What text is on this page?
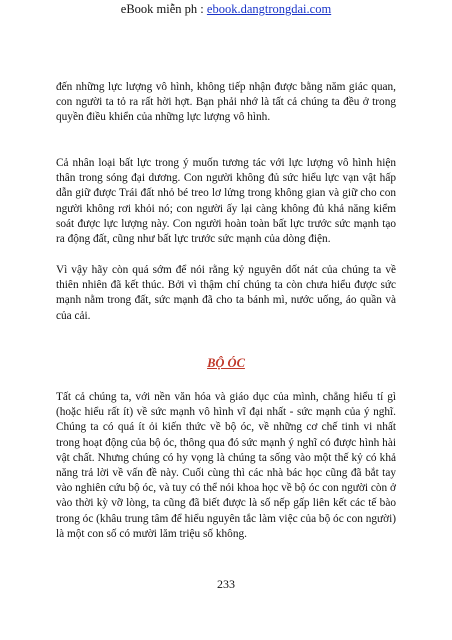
eBook miễn ph : ebook.dangtrongdai.com

đến những lực lượng vô hình, không tiếp nhận được bằng năm giác quan, con người ta tỏ ra rất hời hợt. Bạn phải nhớ là tất cả chúng ta đều ở trong quyền điều khiển của những lực lượng vô hình.

Cả nhân loại bất lực trong ý muốn tương tác với lực lượng vô hình hiện thân trong sóng đại dương. Con người không đủ sức hiểu lực vạn vật hấp dẫn giữ được Trái đất nhỏ bé treo lơ lửng trong không gian và giữ cho con người không rơi khỏi nó; con người ấy lại càng không đủ khả năng kiểm soát được lực lượng này. Con người hoàn toàn bất lực trước sức mạnh tạo ra động đất, cũng như bất lực trước sức mạnh của dòng điện.

Vì vậy hãy còn quá sớm để nói rằng kỷ nguyên dốt nát của chúng ta về thiên nhiên đã kết thúc. Bởi vì thậm chí chúng ta còn chưa hiểu được sức mạnh nằm trong đất, sức mạnh đã cho ta bánh mì, nước uống, áo quần và của cải.

BỘ ÓC

Tất cả chúng ta, với nền văn hóa và giáo dục của mình, chẳng hiểu tí gì (hoặc hiểu rất ít) về sức mạnh vô hình vĩ đại nhất - sức mạnh của ý nghĩ. Chúng ta có quá ít ỏi kiến thức về bộ óc, về những cơ chế tinh vi nhất trong hoạt động của bộ óc, thông qua đó sức mạnh ý nghĩ có được hình hài vật chất. Nhưng chúng có hy vọng là chúng ta sống vào một thế kỷ có khả năng trả lời về vấn đề này. Cuối cùng thì các nhà bác học cũng đã bắt tay vào nghiên cứu bộ óc, và tuy có thể nói khoa học về bộ óc con người còn ở vào thời kỳ vỡ lòng, ta cũng đã biết được là số nếp gấp liên kết các tế bào trong óc (khâu trung tâm để hiểu nguyên tắc làm việc của bộ óc con người) là một con số có mười lăm triệu số không.

233
